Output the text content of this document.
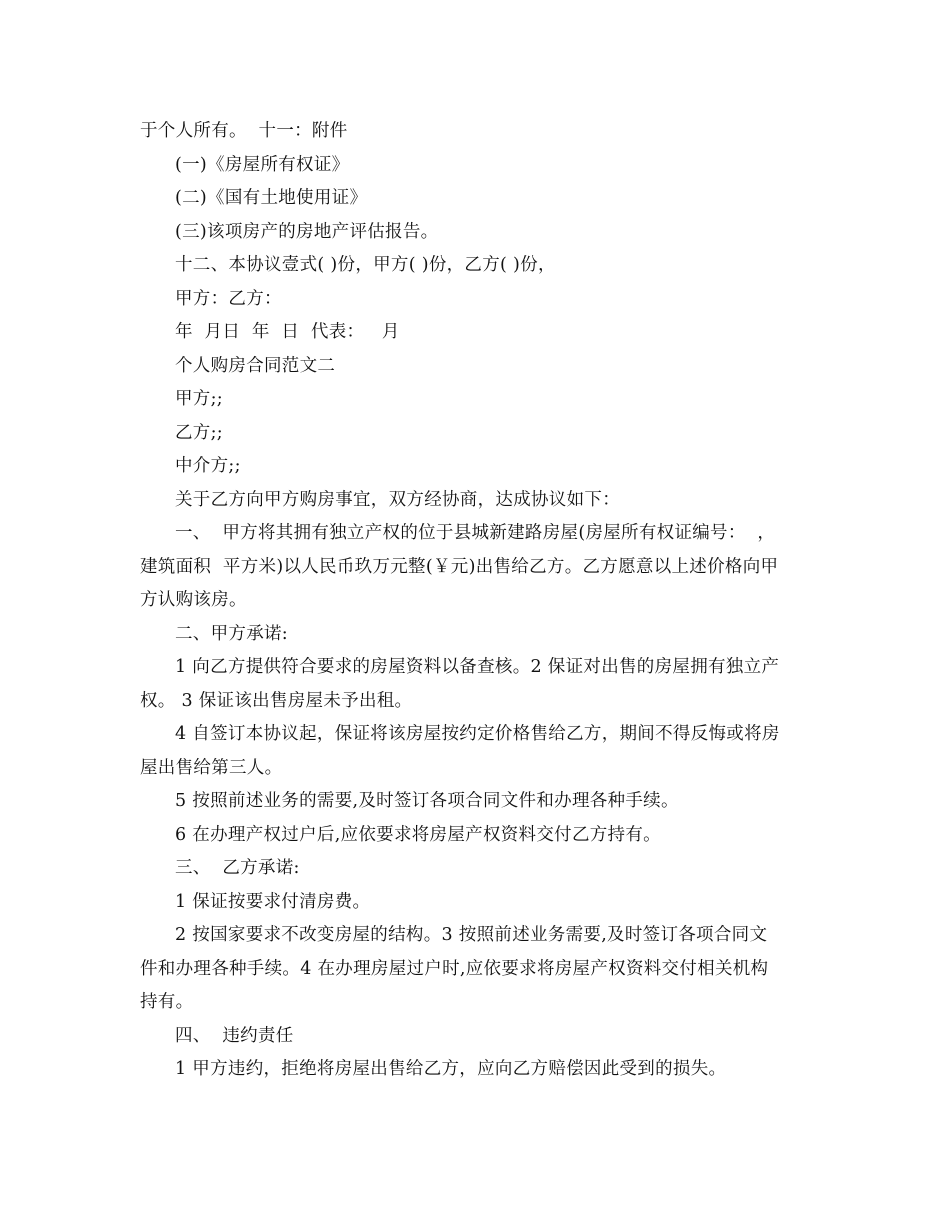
于个人所有。  十一：附件
(一)《房屋所有权证》
(二)《国有土地使用证》
(三)该项房产的房地产评估报告。
十二、本协议壹式( )份，甲方( )份，乙方( )份，
甲方：乙方：
年  月日  年  日  代表：   月
个人购房合同范文二
甲方;;
乙方;;
中介方;;
关于乙方向甲方购房事宜，双方经协商，达成协议如下：
一、  甲方将其拥有独立产权的位于县城新建路房屋(房屋所有权证编号：  ，
建筑面积  平方米)以人民币玖万元整(￥元)出售给乙方。乙方愿意以上述价格向甲
方认购该房。
二、甲方承诺:
1 向乙方提供符合要求的房屋资料以备查核。2 保证对出售的房屋拥有独立产
权。 3 保证该出售房屋未予出租。
4 自签订本协议起，保证将该房屋按约定价格售给乙方，期间不得反悔或将房
屋出售给第三人。
5 按照前述业务的需要,及时签订各项合同文件和办理各种手续。
6 在办理产权过户后,应依要求将房屋产权资料交付乙方持有。
三、  乙方承诺:
1 保证按要求付清房费。
2 按国家要求不改变房屋的结构。3 按照前述业务需要,及时签订各项合同文
件和办理各种手续。4 在办理房屋过户时,应依要求将房屋产权资料交付相关机构
持有。
四、  违约责任
1 甲方违约，拒绝将房屋出售给乙方，应向乙方赔偿因此受到的损失。
